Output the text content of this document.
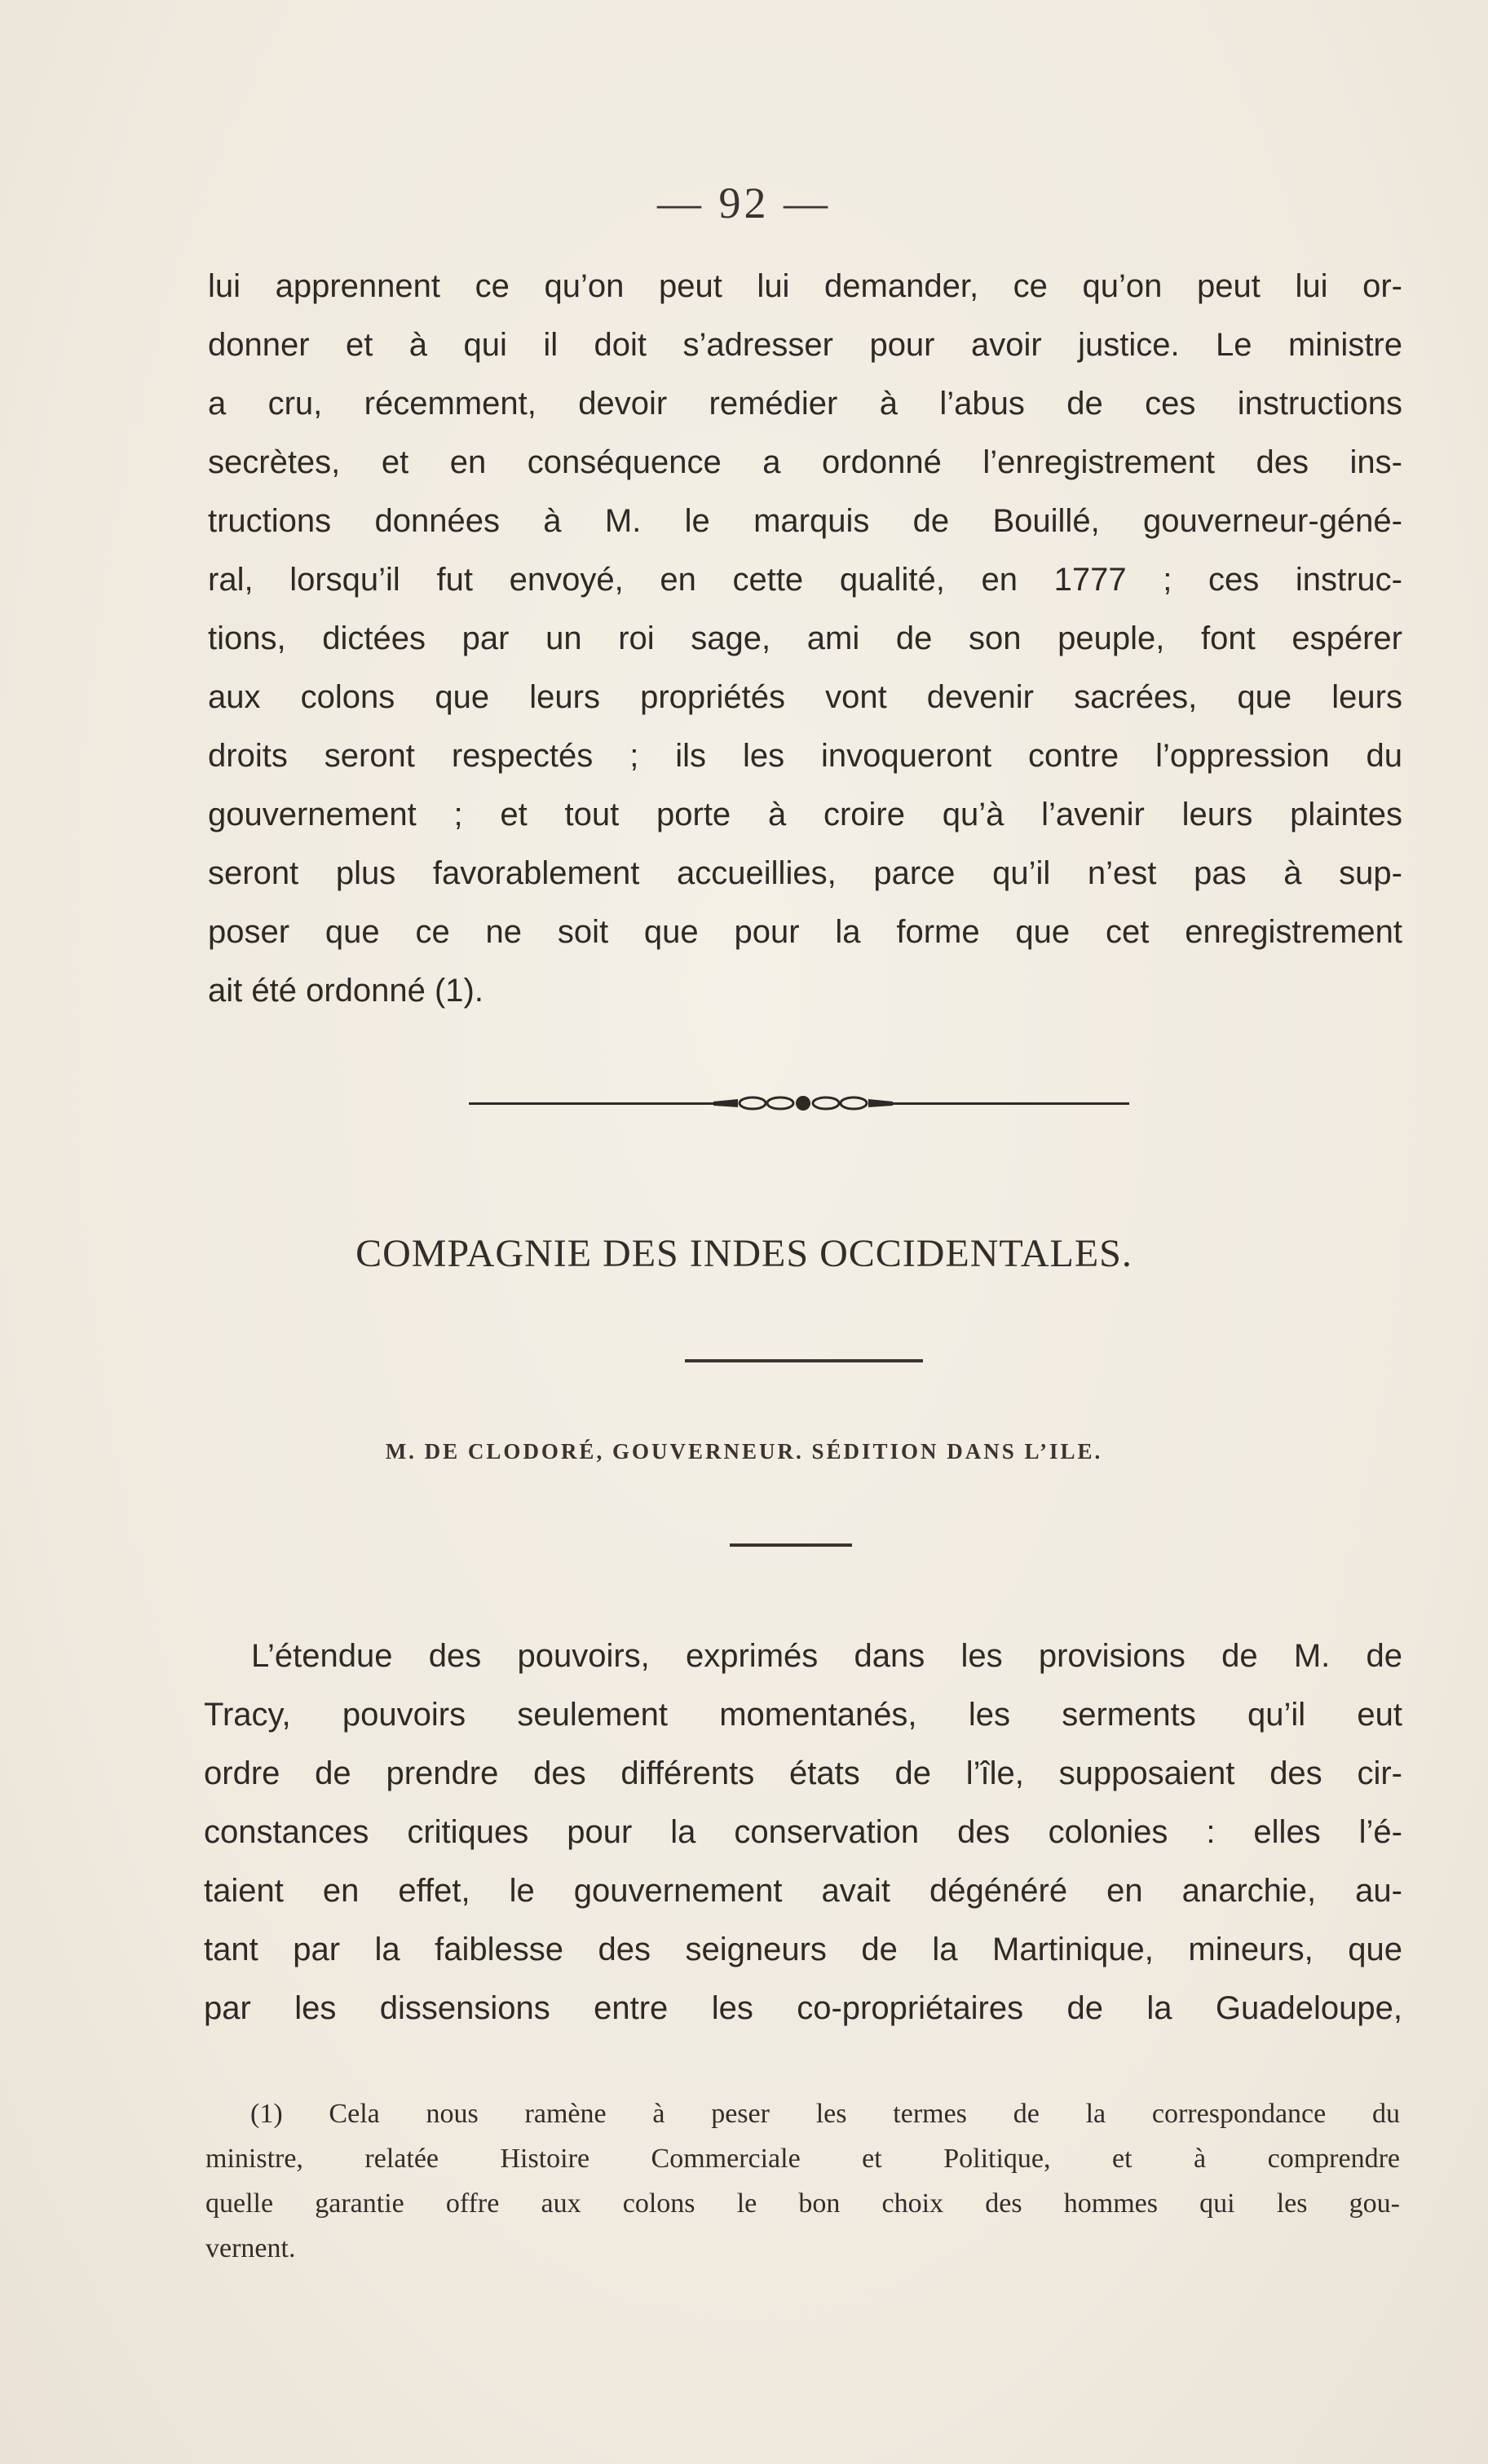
— 92 —
lui apprennent ce qu’on peut lui demander, ce qu’on peut lui or-
donner et à qui il doit s’adresser pour avoir justice. Le ministre
a cru, récemment, devoir remédier à l’abus de ces instructions
secrètes, et en conséquence a ordonné l’enregistrement des ins-
tructions données à M. le marquis de Bouillé, gouverneur-géné-
ral, lorsqu’il fut envoyé, en cette qualité, en 1777 ; ces instruc-
tions, dictées par un roi sage, ami de son peuple, font espérer
aux colons que leurs propriétés vont devenir sacrées, que leurs
droits seront respectés ; ils les invoqueront contre l’oppression du
gouvernement ; et tout porte à croire qu’à l’avenir leurs plaintes
seront plus favorablement accueillies, parce qu’il n’est pas à sup-
poser que ce ne soit que pour la forme que cet enregistrement
ait été ordonné (1).
COMPAGNIE DES INDES OCCIDENTALES.
M. DE CLODORÉ, GOUVERNEUR. SÉDITION DANS L’ILE.
L’étendue des pouvoirs, exprimés dans les provisions de M. de
Tracy, pouvoirs seulement momentanés, les serments qu’il eut
ordre de prendre des différents états de l’île, supposaient des cir-
constances critiques pour la conservation des colonies : elles l’é-
taient en effet, le gouvernement avait dégénéré en anarchie, au-
tant par la faiblesse des seigneurs de la Martinique, mineurs, que
par les dissensions entre les co-propriétaires de la Guadeloupe,
(1) Cela nous ramène à peser les termes de la correspondance du
ministre, relatée Histoire Commerciale et Politique, et à comprendre
quelle garantie offre aux colons le bon choix des hommes qui les gou-
vernent.
